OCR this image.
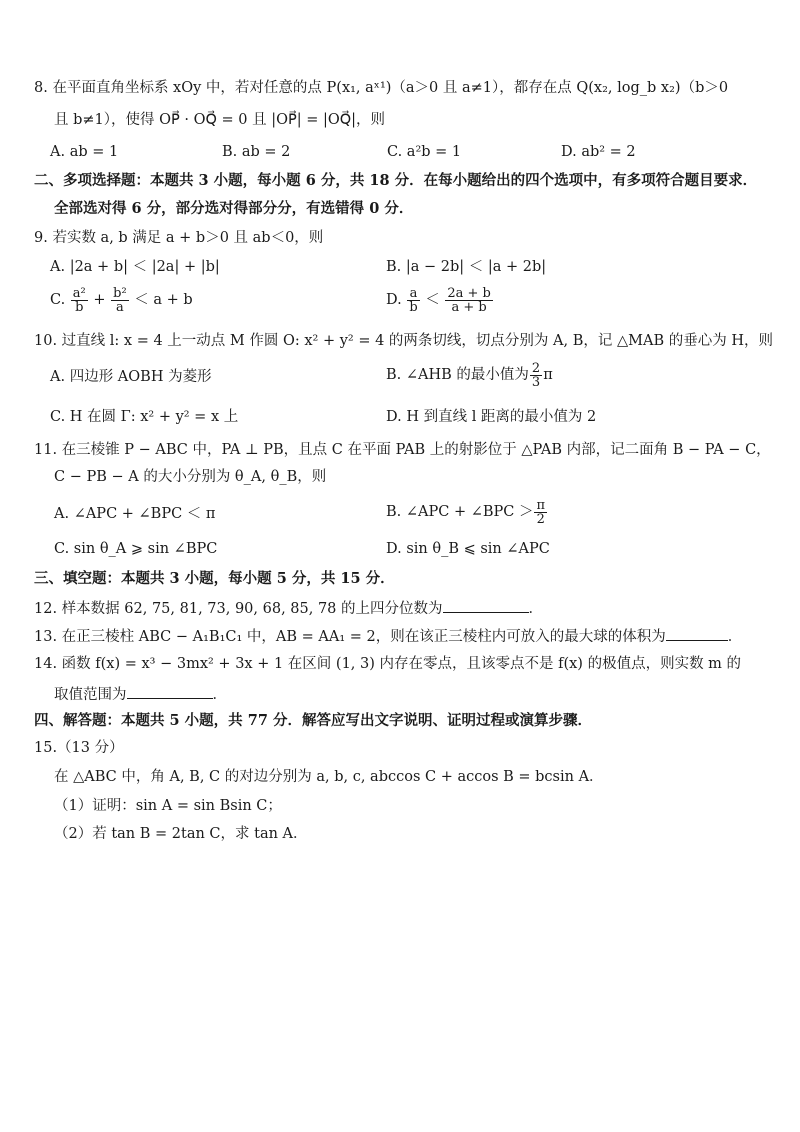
8. 在平面直角坐标系 xOy 中，若对任意的点 P(x₁, aˣ¹)（a＞0 且 a≠1），都存在点 Q(x₂, log_b x₂)（b＞0
且 b≠1），使得 OP⃗ · OQ⃗ = 0 且 |OP⃗| = |OQ⃗|，则
A. ab = 1	B. ab = 2	C. a²b = 1	D. ab² = 2
二、多项选择题：本题共 3 小题，每小题 6 分，共 18 分．在每小题给出的四个选项中，有多项符合题目要求．
全部选对得 6 分，部分选对得部分分，有选错得 0 分．
9. 若实数 a, b 满足 a + b＞0 且 ab＜0，则
A. |2a + b| ＜ |2a| + |b|	B. |a − 2b| ＜ |a + 2b|
C. $\frac{\text{a²}}{b} + \frac{\text{b²}}{a} < a + b$	D. $\frac{a}{b} < \frac{2a + b}{a + b}$
10. 过直线 l: x = 4 上一动点 M 作圆 O: x² + y² = 4 的两条切线，切点分别为 A, B，记 △MAB 的垂心为 H，则
A. 四边形 AOBH 为菱形	B. ∠AHB 的最小值为 $\frac{2}{3}$ π
C. H 在圆 Γ: x² + y² = x 上	D. H 到直线 l 距离的最小值为 2
11. 在三棱锥 P − ABC 中，PA ⊥ PB，且点 C 在平面 PAB 上的射影位于 △PAB 内部，记二面角 B − PA − C，
C − PB − A 的大小分别为 θ_A, θ_B，则
A. ∠APC + ∠BPC ＜ π	B. ∠APC + ∠BPC ＞ $\frac{\pi}{2}$
C. sin θ_A ⩾ sin ∠BPC	D. sin θ_B ⩽ sin ∠APC
三、填空题：本题共 3 小题，每小题 5 分，共 15 分．
12. 样本数据 62, 75, 81, 73, 90, 68, 85, 78 的上四分位数为	．
13. 在正三棱柱 ABC − A₁B₁C₁ 中，AB = AA₁ = 2，则在该正三棱柱内可放入的最大球的体积为	．
14. 函数 f(x) = x³ − 3mx² + 3x + 1 在区间 (1, 3) 内存在零点，且该零点不是 f(x) 的极值点，则实数 m 的
取值范围为	．
四、解答题：本题共 5 小题，共 77 分．解答应写出文字说明、证明过程或演算步骤．
15.（13 分）
在 △ABC 中，角 A, B, C 的对边分别为 a, b, c, abccos C + accos B = bcsin A．
（1）证明：sin A = sin Bsin C；
（2）若 tan B = 2tan C，求 tan A．
